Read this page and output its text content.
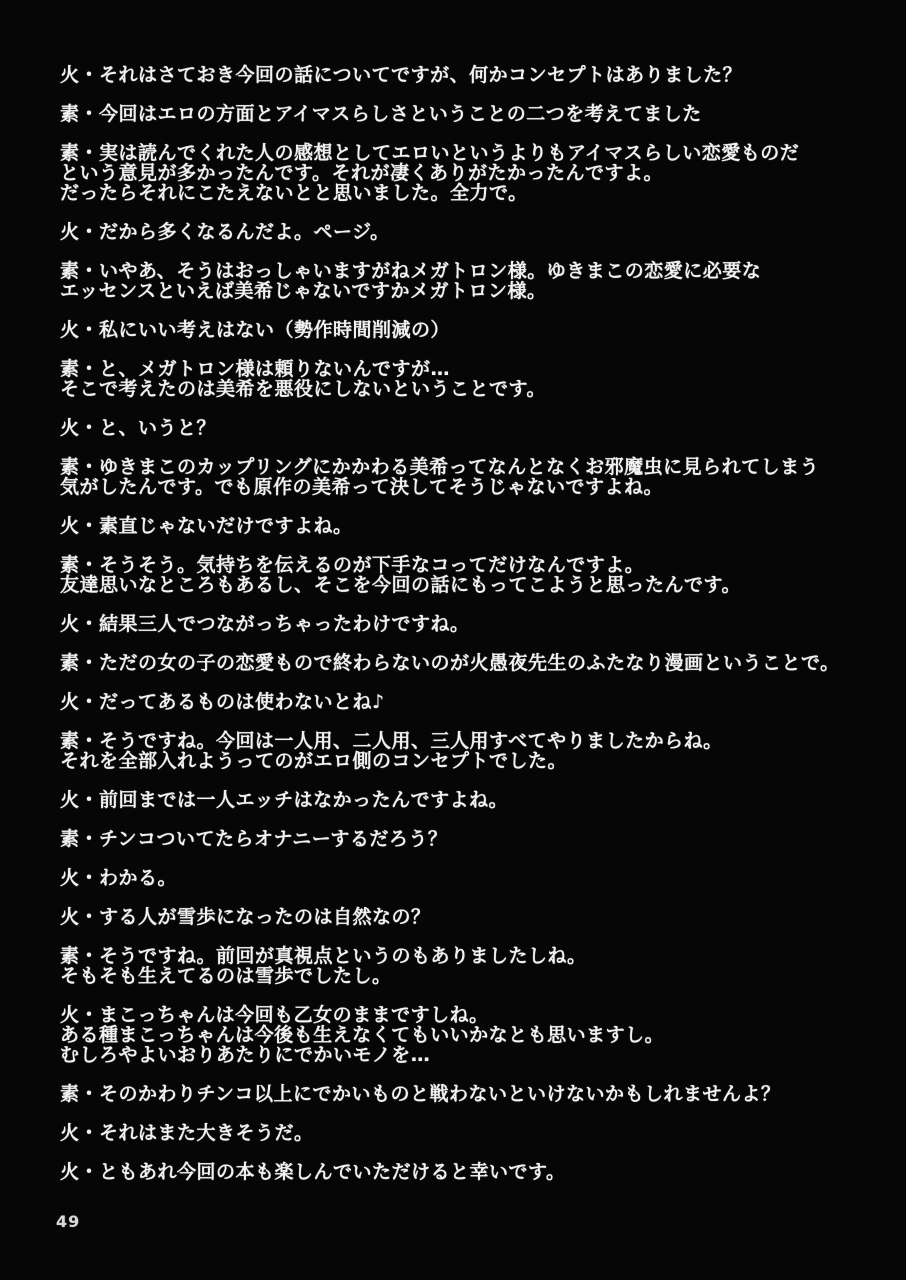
火・それはさておき今回の話についてですが、何かコンセプトはありました？
素・今回はエロの方面とアイマスらしさということの二つを考えてました
素・実は読んでくれた人の感想としてエロいというよりもアイマスらしい恋愛ものだ
という意見が多かったんです。それが凄くありがたかったんですよ。
だったらそれにこたえないとと思いました。全力で。
火・だから多くなるんだよ。ページ。
素・いやあ、そうはおっしゃいますがねメガトロン様。ゆきまこの恋愛に必要な
エッセンスといえば美希じゃないですかメガトロン様。
火・私にいい考えはない（勢作時間削減の）
素・と、メガトロン様は頼りないんですが…
そこで考えたのは美希を悪役にしないということです。
火・と、いうと？
素・ゆきまこのカップリングにかかわる美希ってなんとなくお邪魔虫に見られてしまう
気がしたんです。でも原作の美希って決してそうじゃないですよね。
火・素直じゃないだけですよね。
素・そうそう。気持ちを伝えるのが下手なコってだけなんですよ。
友達思いなところもあるし、そこを今回の話にもってこようと思ったんです。
火・結果三人でつながっちゃったわけですね。
素・ただの女の子の恋愛もので終わらないのが火愚夜先生のふたなり漫画ということで。
火・だってあるものは使わないとね♪
素・そうですね。今回は一人用、二人用、三人用すべてやりましたからね。
それを全部入れようってのがエロ側のコンセプトでした。
火・前回までは一人エッチはなかったんですよね。
素・チンコついてたらオナニーするだろう？
火・わかる。
火・する人が雪歩になったのは自然なの？
素・そうですね。前回が真視点というのもありましたしね。
そもそも生えてるのは雪歩でしたし。
火・まこっちゃんは今回も乙女のままですしね。
ある種まこっちゃんは今後も生えなくてもいいかなとも思いますし。
むしろやよいおりあたりにでかいモノを…
素・そのかわりチンコ以上にでかいものと戦わないといけないかもしれませんよ？
火・それはまた大きそうだ。
火・ともあれ今回の本も楽しんでいただけると幸いです。
49
